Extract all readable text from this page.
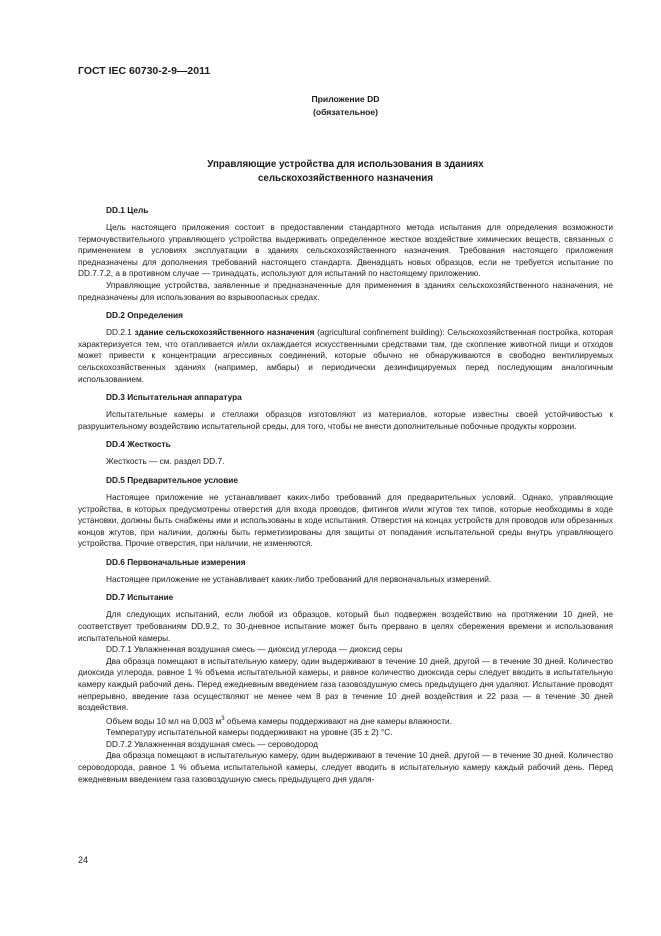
ГОСТ IEC 60730-2-9—2011
Приложение DD
(обязательное)
Управляющие устройства для использования в зданиях
сельскохозяйственного назначения

DD.1 Цель

Цель настоящего приложения состоит в предоставлении стандартного метода испытания для определения возможности термочувствительного управляющего устройства выдерживать определенное жесткое воздействие химических веществ, связанных с применением в условиях эксплуатации в зданиях сельскохозяйственного назначения. Требования настоящего приложения предназначены для дополнения требований настоящего стандарта. Двенадцать новых образцов, если не требуется испытание по DD.7.7.2, а в противном случае — тринадцать, используют для испытаний по настоящему приложению.

Управляющие устройства, заявленные и предназначенные для применения в зданиях сельскохозяйственного назначения, не предназначены для использования во взрывоопасных средах.

DD.2 Определения

DD.2.1 здание сельскохозяйственного назначения (agricultural confinement building): Сельскохозяйственная постройка, которая характеризуется тем, что отапливается и/или охлаждается искусственными средствами там, где скопление животной пищи и отходов может привести к концентрации агрессивных соединений, которые обычно не обнаруживаются в свободно вентилируемых сельскохозяйственных зданиях (например, амбары) и периодически дезинфицируемых перед последующим аналогичным использованием.

DD.3 Испытательная аппаратура

Испытательные камеры и стеллажи образцов изготовляют из материалов, которые известны своей устойчивостью к разрушительному воздействию испытательной среды, для того, чтобы не внести дополнительные побочные продукты коррозии.

DD.4 Жесткость

Жесткость — см. раздел DD.7.

DD.5 Предварительное условие

Настоящее приложение не устанавливает каких-либо требований для предварительных условий. Однако, управляющие устройства, в которых предусмотрены отверстия для входа проводов, фитингов и/или жгутов тех типов, которые необходимы в ходе установки, должны быть снабжены ими и использованы в ходе испытания. Отверстия на концах устройств для проводов или обрезанных концов жгутов, при наличии, должны быть герметизированы для защиты от попадания испытательной среды внутрь управляющего устройства. Прочие отверстия, при наличии, не изменяются.

DD.6 Первоначальные измерения

Настоящее приложение не устанавливает каких-либо требований для первоначальных измерений.

DD.7 Испытание

Для следующих испытаний, если любой из образцов, который был подвержен воздействию на протяжении 10 дней, не соответствует требованиям DD.9.2, то 30-дневное испытание может быть прервано в целях сбережения времени и использования испытательной камеры.

DD.7.1 Увлажненная воздушная смесь — диоксид углерода — диоксид серы

Два образца помещают в испытательную камеру, один выдерживают в течение 10 дней, другой — в течение 30 дней. Количество диоксида углерода, равное 1 % объема испытательной камеры, и равное количество диоксида серы следует вводить в испытательную камеру каждый рабочий день. Перед ежедневным введением газа газовоздушную смесь предыдущего дня удаляют. Испытание проводят непрерывно, введение газа осуществляют не менее чем 8 раз в течение 10 дней воздействия и 22 раза — в течение 30 дней воздействия.

Объем воды 10 мл на 0,003 $м^3$ объема камеры поддерживают на дне камеры влажности.

Температуру испытательной камеры поддерживают на уровне (35 ± 2) °С.

DD.7.2 Увлажненная воздушная смесь — сероводород

Два образца помещают в испытательную камеру, один выдерживают в течение 10 дней, другой — в течение 30 дней. Количество сероводорода, равное 1 % объема испытательной камеры, следует вводить в испытательную камеру каждый рабочий день. Перед ежедневным введением газа газовоздушную смесь предыдущего дня удаля-

24
